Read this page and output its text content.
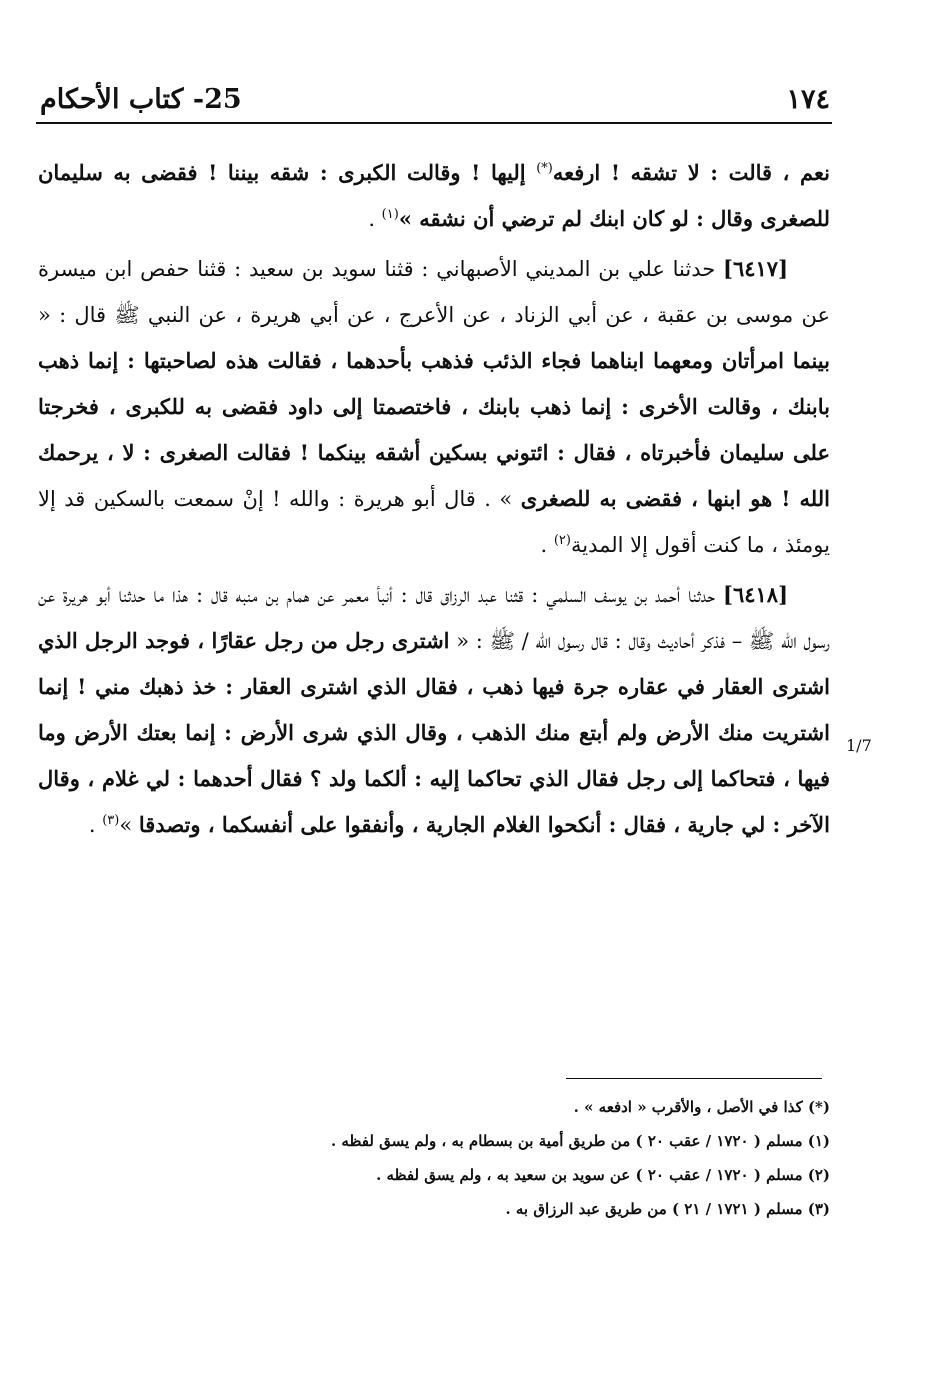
١٧٤
25- كتاب الأحكام
1/7

نعم ، قالت : لا تشقه ! ارفعه(*) إليها ! وقالت الكبرى : شقه بيننا ! فقضى به سليمان للصغرى وقال : لو كان ابنك لم ترضي أن نشقه »$^{(١)}$ .

  [٦٤١٧] حدثنا علي بن المديني الأصبهاني : قثنا سويد بن سعيد : قثنا حفص ابن ميسرة عن موسى بن عقبة ، عن أبي الزناد ، عن الأعرج ، عن أبي هريرة ، عن النبي ﷺ قال : « بينما امرأتان ومعهما ابناهما فجاء الذئب فذهب بأحدهما ، فقالت هذه لصاحبتها : إنما ذهب بابنك ، وقالت الأخرى : إنما ذهب بابنك ، فاختصمتا إلى داود فقضى به للكبرى ، فخرجتا على سليمان فأخبرتاه ، فقال : ائتوني بسكين أشقه بينكما ! فقالت الصغرى : لا ، يرحمك الله ! هو ابنها ، فقضى به للصغرى » . قال أبو هريرة : والله ! إنْ سمعت بالسكين قد إلا يومئذ ، ما كنت أقول إلا المدية$^{(٢)}$ .

  [٦٤١٨] حدثنا أحمد بن يوسف السلمي : قثنا عبد الرزاق قال : أنبأ معمر عن همام بن منبه قال : هذا ما حدثنا أبو هريرة عن رسول الله ﷺ – فذكر أحاديث وقال : قال رسول الله / ﷺ : « اشترى رجل من رجل عقارًا ، فوجد الرجل الذي اشترى العقار في عقاره جرة فيها ذهب ، فقال الذي اشترى العقار : خذ ذهبك مني ! إنما اشتريت منك الأرض ولم أبتع منك الذهب ، وقال الذي شرى الأرض : إنما بعتك الأرض وما فيها ، فتحاكما إلى رجل فقال الذي تحاكما إليه : ألكما ولد ؟ فقال أحدهما : لي غلام ، وقال الآخر : لي جارية ، فقال : أنكحوا الغلام الجارية ، وأنفقوا على أنفسكما ، وتصدقا »$^{(٣)}$ .

(*) كذا في الأصل ، والأقرب « ادفعه » .
(١) مسلم ( ١٧٢٠ / عقب ٢٠ ) من طريق أمية بن بسطام به ، ولم يسق لفظه .
(٢) مسلم ( ١٧٢٠ / عقب ٢٠ ) عن سويد بن سعيد به ، ولم يسق لفظه .
(٣) مسلم ( ١٧٢١ / ٢١ ) من طريق عبد الرزاق به .
